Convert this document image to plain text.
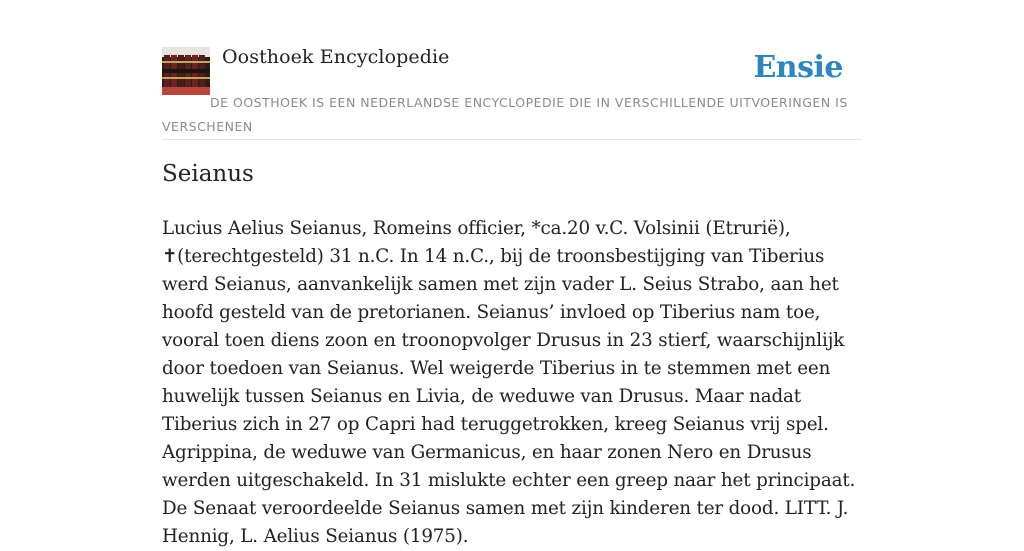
Oosthoek Encyclopedie	Ensie

DE OOSTHOEK IS EEN NEDERLANDSE ENCYCLOPEDIE DIE IN VERSCHILLENDE UITVOERINGEN IS VERSCHENEN

Seianus

Lucius Aelius Seianus, Romeins officier, *ca.20 v.C. Volsinii (Etrurië), ✝(terechtgesteld) 31 n.C. In 14 n.C., bij de troonsbestijging van Tiberius werd Seianus, aanvankelijk samen met zijn vader L. Seius Strabo, aan het hoofd gesteld van de pretorianen. Seianus’ invloed op Tiberius nam toe, vooral toen diens zoon en troonopvolger Drusus in 23 stierf, waarschijnlijk door toedoen van Seianus. Wel weigerde Tiberius in te stemmen met een huwelijk tussen Seianus en Livia, de weduwe van Drusus. Maar nadat Tiberius zich in 27 op Capri had teruggetrokken, kreeg Seianus vrij spel. Agrippina, de weduwe van Germanicus, en haar zonen Nero en Drusus werden uitgeschakeld. In 31 mislukte echter een greep naar het principaat. De Senaat veroordeelde Seianus samen met zijn kinderen ter dood. LITT. J. Hennig, L. Aelius Seianus (1975).
